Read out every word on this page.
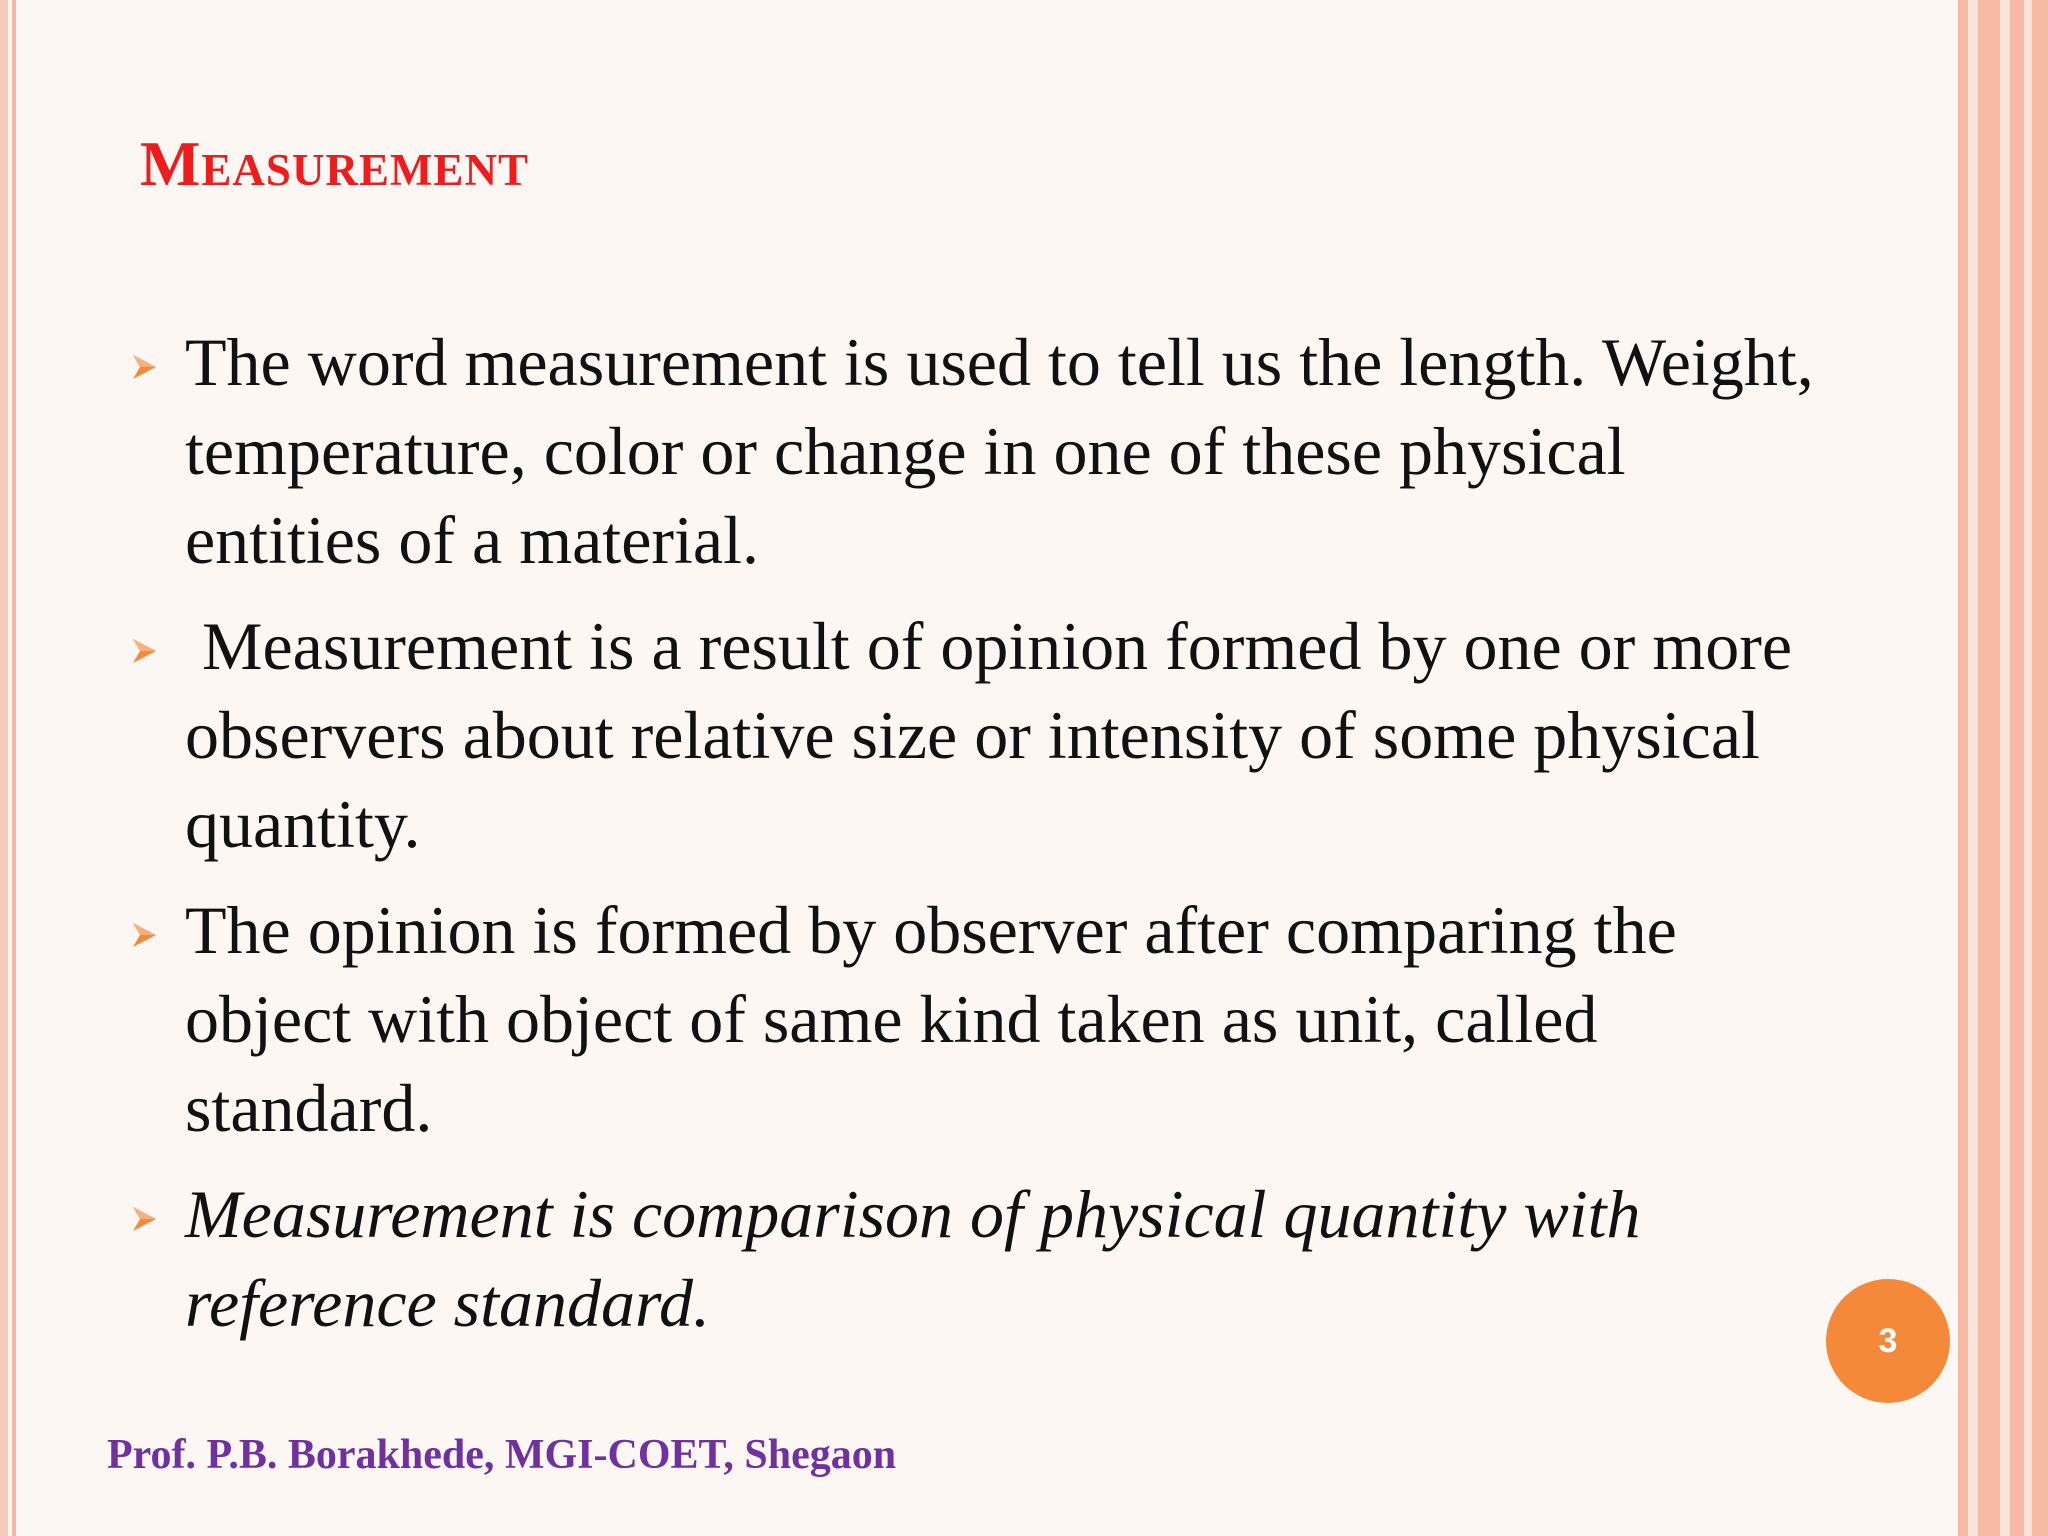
Measurement
The word measurement is used to tell us the length. Weight, temperature, color or change in one of these physical entities of a material.
Measurement is a result of opinion formed by one or more observers about relative size or intensity of some physical quantity.
The opinion is formed by observer after comparing the object with object of same kind taken as unit, called standard.
Measurement is comparison of physical quantity with reference standard.	3
Prof. P.B. Borakhede, MGI-COET, Shegaon
